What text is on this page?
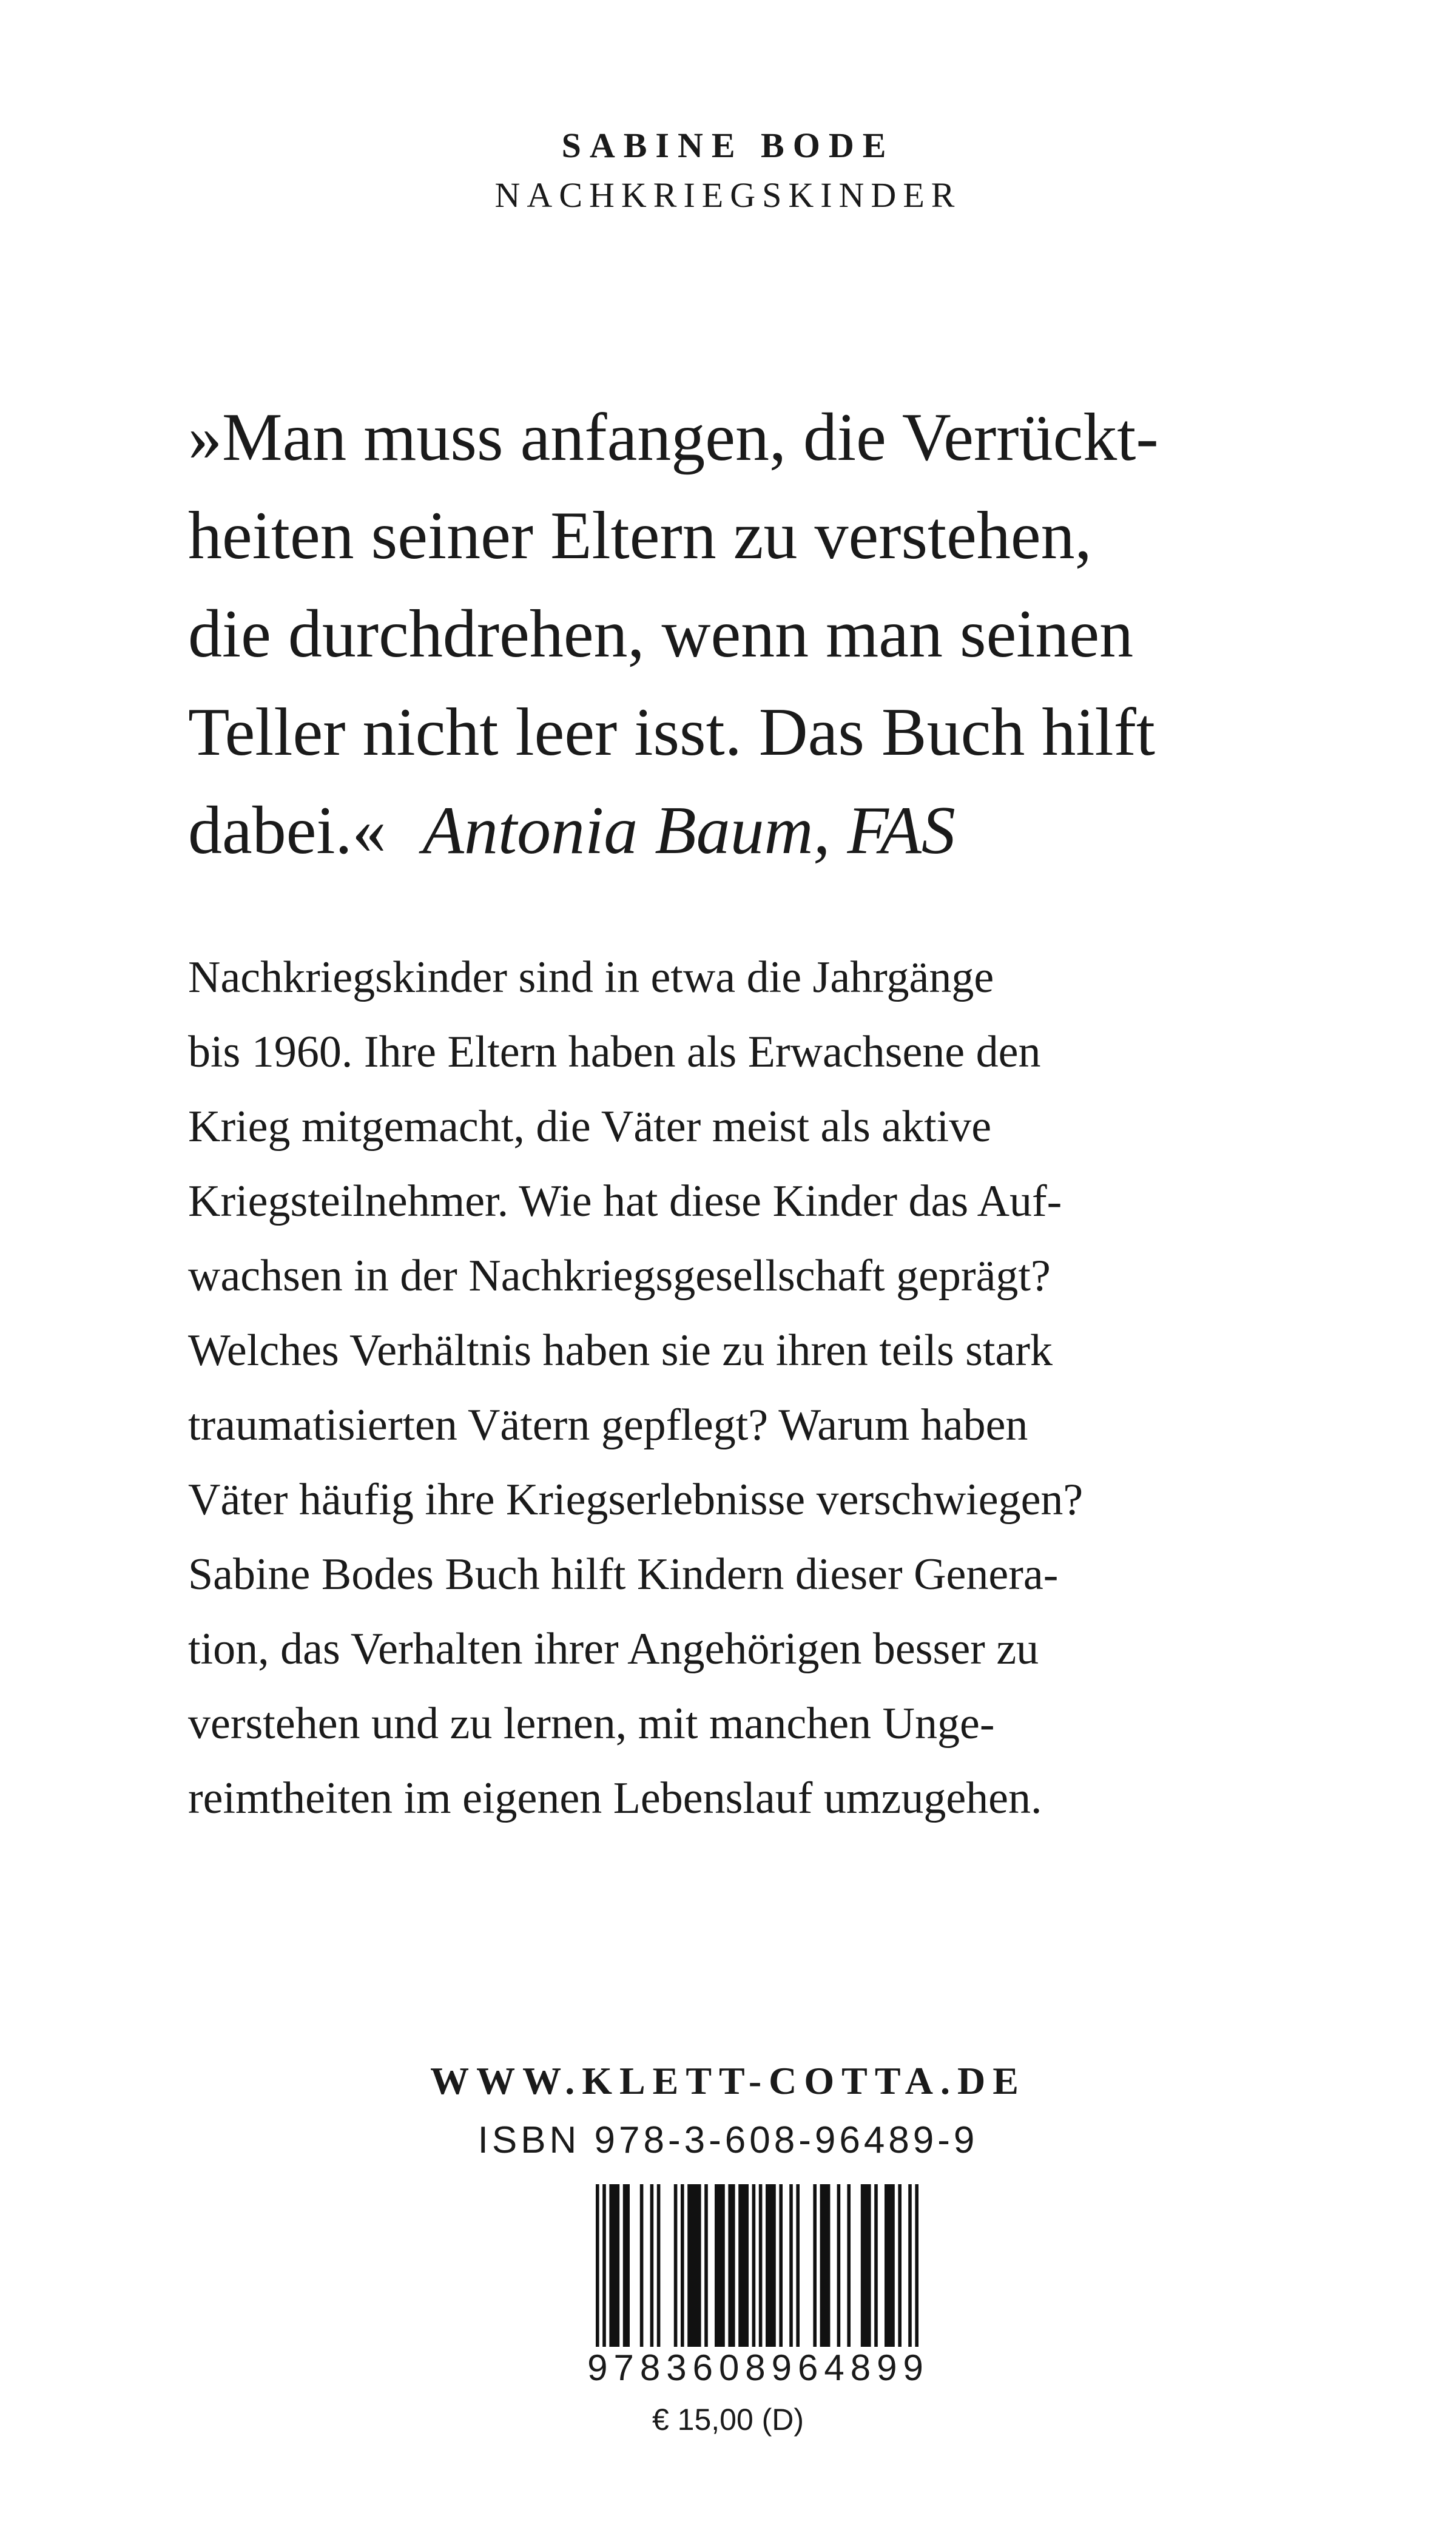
SABINE BODE
NACHKRIEGSKINDER
»Man muss anfangen, die Verrückt-
heiten seiner Eltern zu verstehen,
die durchdrehen, wenn man seinen
Teller nicht leer isst. Das Buch hilft
dabei.« Antonia Baum, FAS
Nachkriegskinder sind in etwa die Jahrgänge
bis 1960. Ihre Eltern haben als Erwachsene den
Krieg mitgemacht, die Väter meist als aktive
Kriegsteilnehmer. Wie hat diese Kinder das Auf-
wachsen in der Nachkriegsgesellschaft geprägt?
Welches Verhältnis haben sie zu ihren teils stark
traumatisierten Vätern gepflegt? Warum haben
Väter häufig ihre Kriegserlebnisse verschwiegen?
Sabine Bodes Buch hilft Kindern dieser Genera-
tion, das Verhalten ihrer Angehörigen besser zu
verstehen und zu lernen, mit manchen Unge-
reimtheiten im eigenen Lebenslauf umzugehen.
WWW.KLETT-COTTA.DE
ISBN 978-3-608-96489-9
9783608964899
€ 15,00 (D)
